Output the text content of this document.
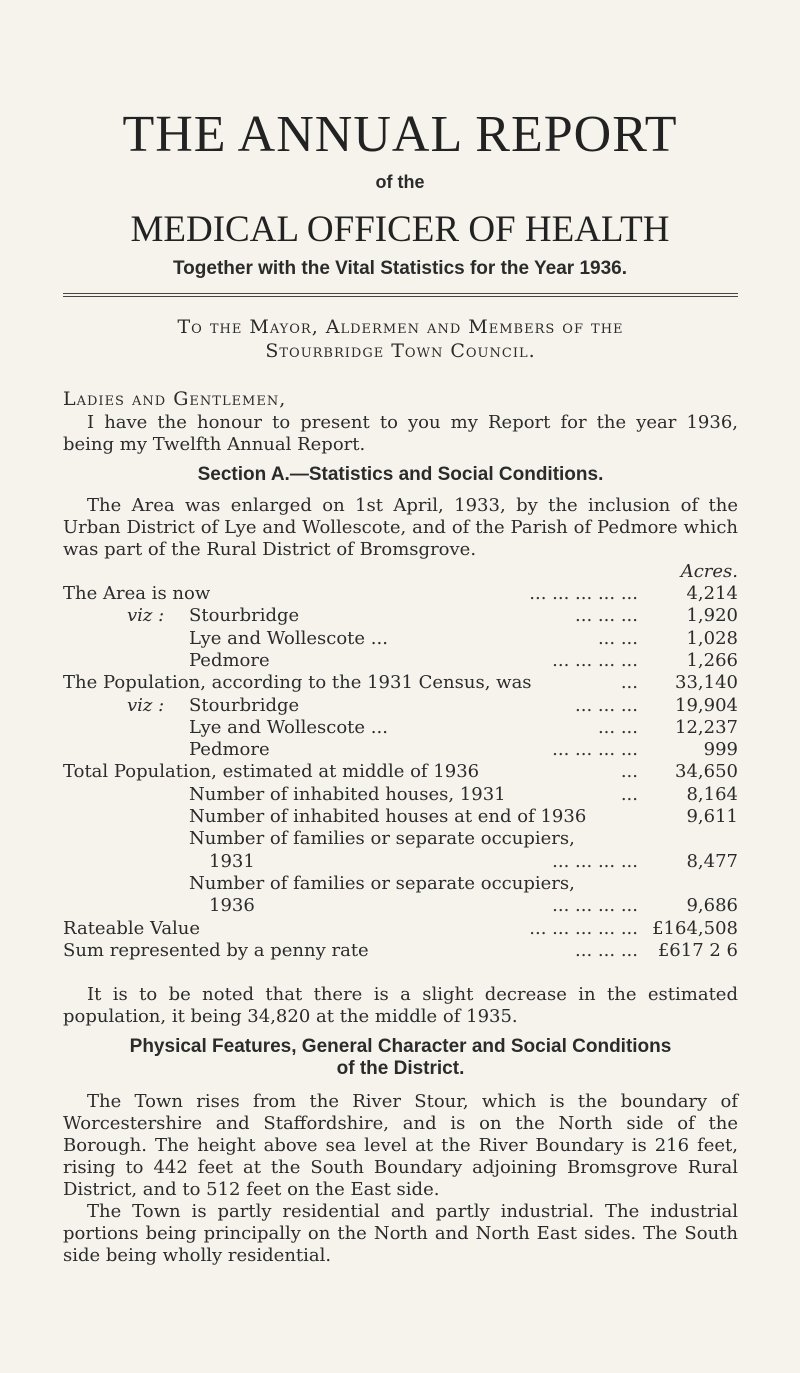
THE ANNUAL REPORT
of the
MEDICAL OFFICER OF HEALTH
Together with the Vital Statistics for the Year 1936.
To the Mayor, Aldermen and Members of the
Stourbridge Town Council.
Ladies and Gentlemen,
I have the honour to present to you my Report for the year 1936, being my Twelfth Annual Report.
Section A.—Statistics and Social Conditions.
The Area was enlarged on 1st April, 1933, by the inclusion of the Urban District of Lye and Wollescote, and of the Parish of Pedmore which was part of the Rural District of Bromsgrove.
Acres.
The Area is now	... ... ... ... ...	4,214
viz : Stourbridge	... ... ...	1,920
Lye and Wollescote ...	... ...	1,028
Pedmore	... ... ... ...	1,266
The Population, according to the 1931 Census, was	... 33,140
viz : Stourbridge	... ... ... 19,904
Lye and Wollescote ...	... ... 12,237
Pedmore	... ... ... ...	999
Total Population, estimated at middle of 1936	... 34,650
Number of inhabited houses, 1931	...	8,164
Number of inhabited houses at end of 1936	9,611
Number of families or separate occupiers,
1931	... ... ... ...	8,477
Number of families or separate occupiers,
1936	... ... ... ...	9,686
Rateable Value	... ... ... ... ... £164,508
Sum represented by a penny rate	... ... ... £617 2 6
It is to be noted that there is a slight decrease in the estimated population, it being 34,820 at the middle of 1935.
Physical Features, General Character and Social Conditions
of the District.
The Town rises from the River Stour, which is the boundary of Worcestershire and Staffordshire, and is on the North side of the Borough. The height above sea level at the River Boundary is 216 feet, rising to 442 feet at the South Boundary adjoining Bromsgrove Rural District, and to 512 feet on the East side.
The Town is partly residential and partly industrial. The industrial portions being principally on the North and North East sides. The South side being wholly residential.
